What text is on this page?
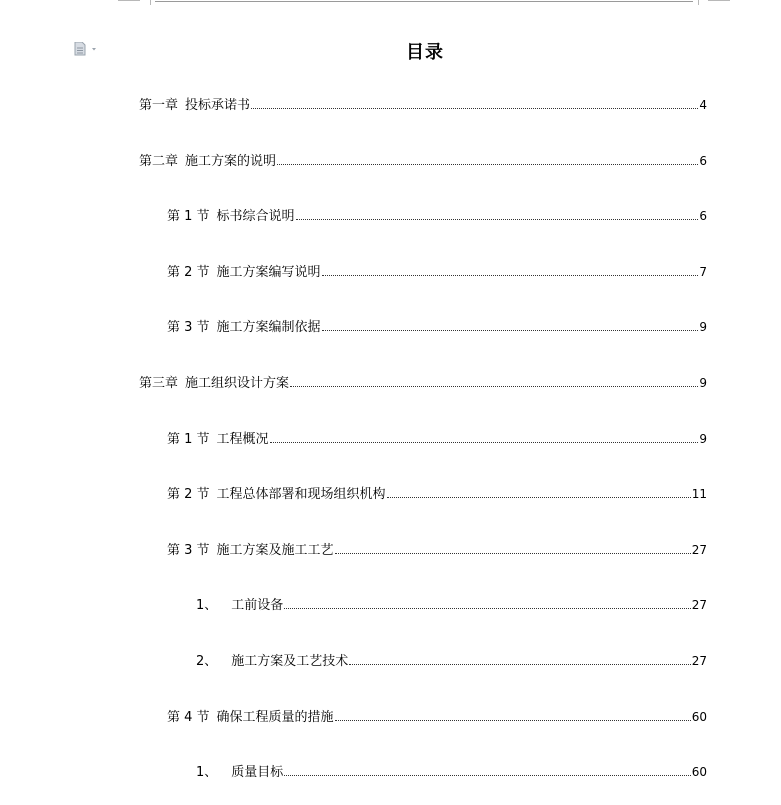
目录
第一章 投标承诺书	4
第二章 施工方案的说明	6
第 1 节 标书综合说明	6
第 2 节 施工方案编写说明	7
第 3 节 施工方案编制依据	9
第三章 施工组织设计方案	9
第 1 节 工程概况	9
第 2 节 工程总体部署和现场组织机构	11
第 3 节 施工方案及施工工艺	27
1、 工前设备	27
2、 施工方案及工艺技术	27
第 4 节 确保工程质量的措施	60
1、 质量目标	60
